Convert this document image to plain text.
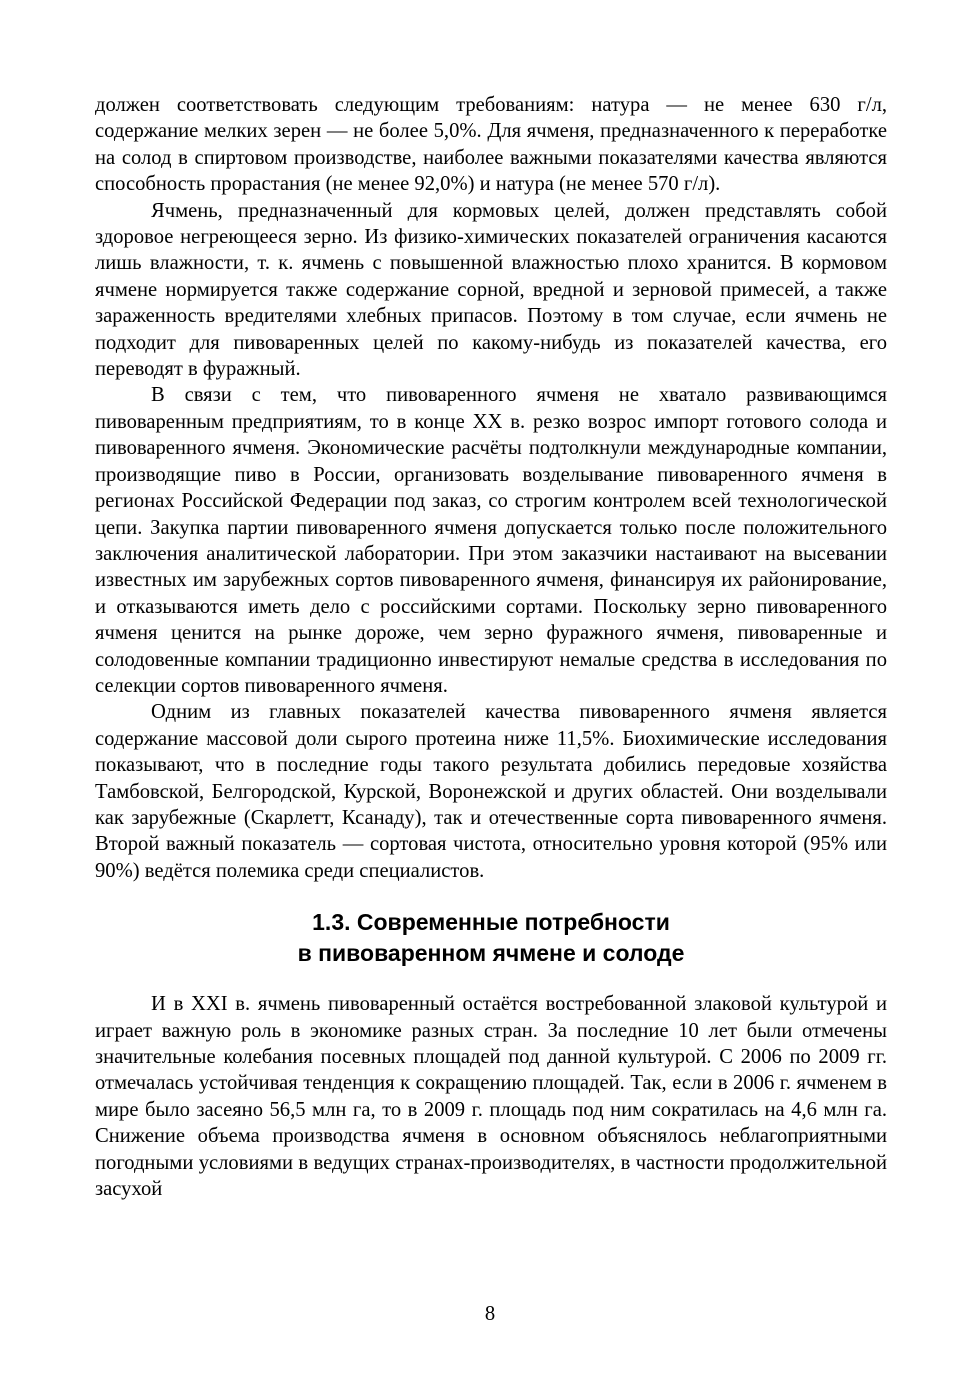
должен соответствовать следующим требованиям: натура — не менее 630 г/л, содержание мелких зерен — не более 5,0%. Для ячменя, предназначенного к переработке на солод в спиртовом производстве, наиболее важными показателями качества являются способность прорастания (не менее 92,0%) и натура (не менее 570 г/л).

Ячмень, предназначенный для кормовых целей, должен представлять собой здоровое негреющееся зерно. Из физико-химических показателей ограничения касаются лишь влажности, т. к. ячмень с повышенной влажностью плохо хранится. В кормовом ячмене нормируется также содержание сорной, вредной и зерновой примесей, а также зараженность вредителями хлебных припасов. Поэтому в том случае, если ячмень не подходит для пивоваренных целей по какому-нибудь из показателей качества, его переводят в фуражный.

В связи с тем, что пивоваренного ячменя не хватало развивающимся пивоваренным предприятиям, то в конце XX в. резко возрос импорт готового солода и пивоваренного ячменя. Экономические расчёты подтолкнули международные компании, производящие пиво в России, организовать возделывание пивоваренного ячменя в регионах Российской Федерации под заказ, со строгим контролем всей технологической цепи. Закупка партии пивоваренного ячменя допускается только после положительного заключения аналитической лаборатории. При этом заказчики настаивают на высевании известных им зарубежных сортов пивоваренного ячменя, финансируя их районирование, и отказываются иметь дело с российскими сортами. Поскольку зерно пивоваренного ячменя ценится на рынке дороже, чем зерно фуражного ячменя, пивоваренные и солодовенные компании традиционно инвестируют немалые средства в исследования по селекции сортов пивоваренного ячменя.

Одним из главных показателей качества пивоваренного ячменя является содержание массовой доли сырого протеина ниже 11,5%. Биохимические исследования показывают, что в последние годы такого результата добились передовые хозяйства Тамбовской, Белгородской, Курской, Воронежской и других областей. Они возделывали как зарубежные (Скарлетт, Ксанаду), так и отечественные сорта пивоваренного ячменя. Второй важный показатель — сортовая чистота, относительно уровня которой (95% или 90%) ведётся полемика среди специалистов.

1.3. Современные потребности
в пивоваренном ячмене и солоде

И в XXI в. ячмень пивоваренный остаётся востребованной злаковой культурой и играет важную роль в экономике разных стран. За последние 10 лет были отмечены значительные колебания посевных площадей под данной культурой. С 2006 по 2009 гг. отмечалась устойчивая тенденция к сокращению площадей. Так, если в 2006 г. ячменем в мире было засеяно 56,5 млн га, то в 2009 г. площадь под ним сократилась на 4,6 млн га. Снижение объема производства ячменя в основном объяснялось неблагоприятными погодными условиями в ведущих странах-производителях, в частности продолжительной засухой

8
